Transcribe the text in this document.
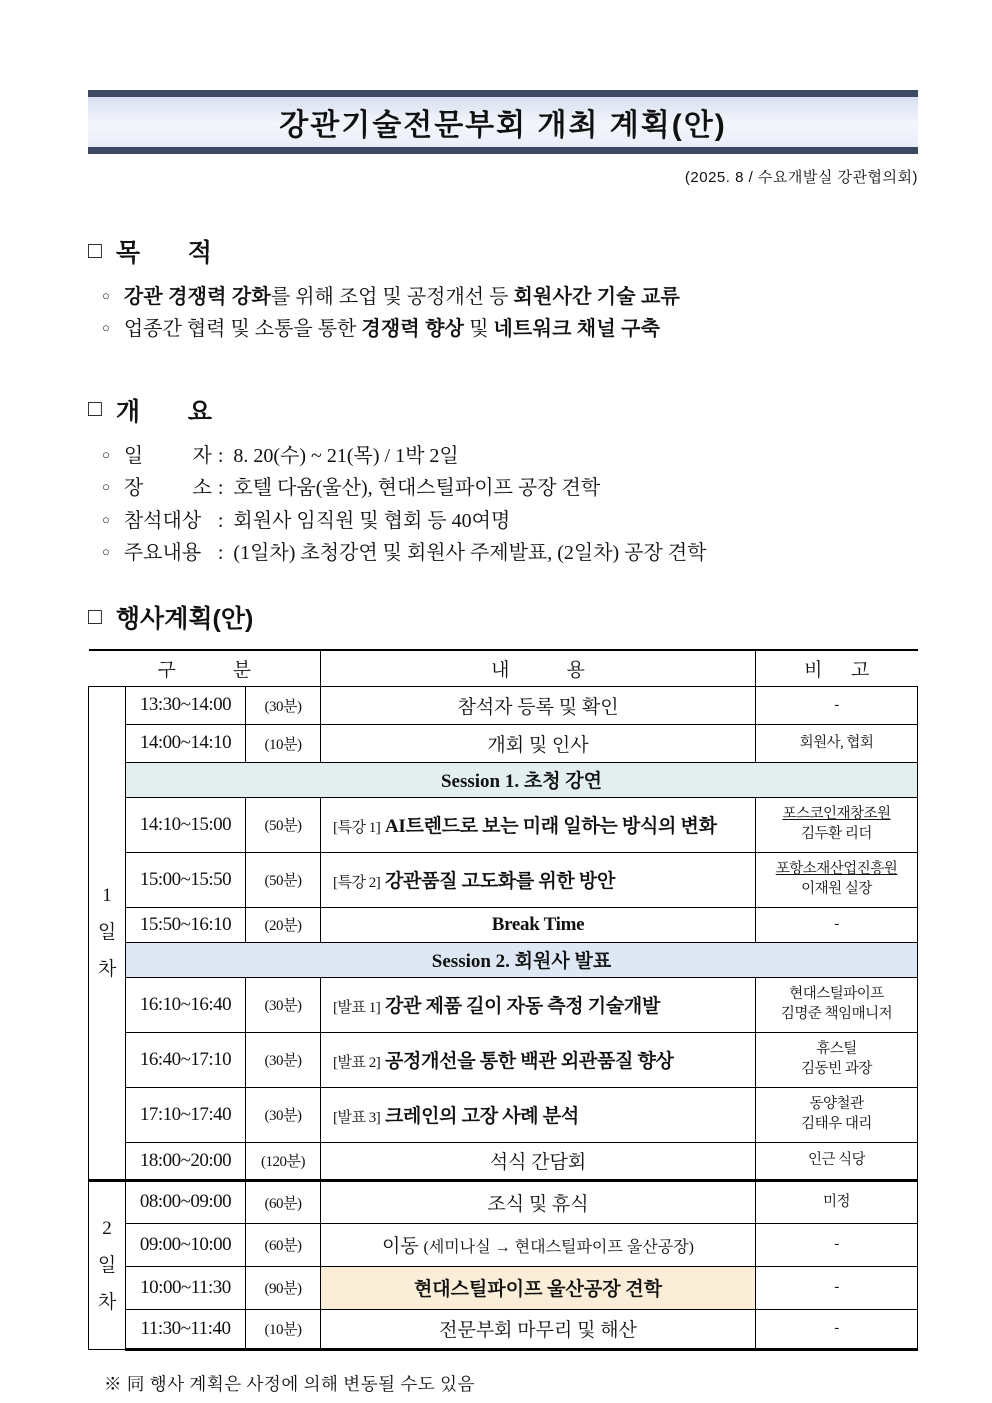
강관기술전문부회 개최 계획(안)
(2025. 8 / 수요개발실 강관협의회)
□ 목 적
○ 강관 경쟁력 강화를 위해 조업 및 공정개선 등 회원사간 기술 교류
○ 업종간 협력 및 소통을 통한 경쟁력 향상 및 네트워크 채널 구축
□ 개 요
○ 일 자 : 8. 20(수) ~ 21(목) / 1박 2일
○ 장 소 : 호텔 다움(울산), 현대스틸파이프 공장 견학
○ 참석대상 : 회원사 임직원 및 협회 등 40여명
○ 주요내용 : (1일차) 초청강연 및 회원사 주제발표, (2일차) 공장 견학
□ 행사계획(안)
구            분			내            용	비      고
1일차	13:30~14:00	(30분)	참석자 등록 및 확인	-
	14:00~14:10	(10분)	개회 및 인사	회원사, 협회
	Session 1. 초청 강연			
	14:10~15:00	(50분)	[특강 1] AI트렌드로 보는 미래 일하는 방식의 변화	포스코인재창조원
김두환 리더

	15:00~15:50	(50분)	[특강 2] 강관품질 고도화를 위한 방안	포항소재산업진흥원
이재원 실장

	15:50~16:10	(20분)	Break Time	-
	Session 2. 회원사 발표			
	16:10~16:40	(30분)	[발표 1] 강관 제품 길이 자동 측정 기술개발	현대스틸파이프
김명준 책임매니저

	16:40~17:10	(30분)	[발표 2] 공정개선을 통한 백관 외관품질 향상	휴스틸
김동빈 과장

	17:10~17:40	(30분)	[발표 3] 크레인의 고장 사례 분석	동양철관
김태우 대리

	18:00~20:00	(120분)	석식 간담회	인근 식당
2일차	08:00~09:00	(60분)	조식 및 휴식	미정
	09:00~10:00	(60분)	이동 (세미나실 → 현대스틸파이프 울산공장)	-
	10:00~11:30	(90분)	현대스틸파이프 울산공장 견학	-
	11:30~11:40	(10분)	전문부회 마무리 및 해산	-
※ 同 행사 계획은 사정에 의해 변동될 수도 있음
